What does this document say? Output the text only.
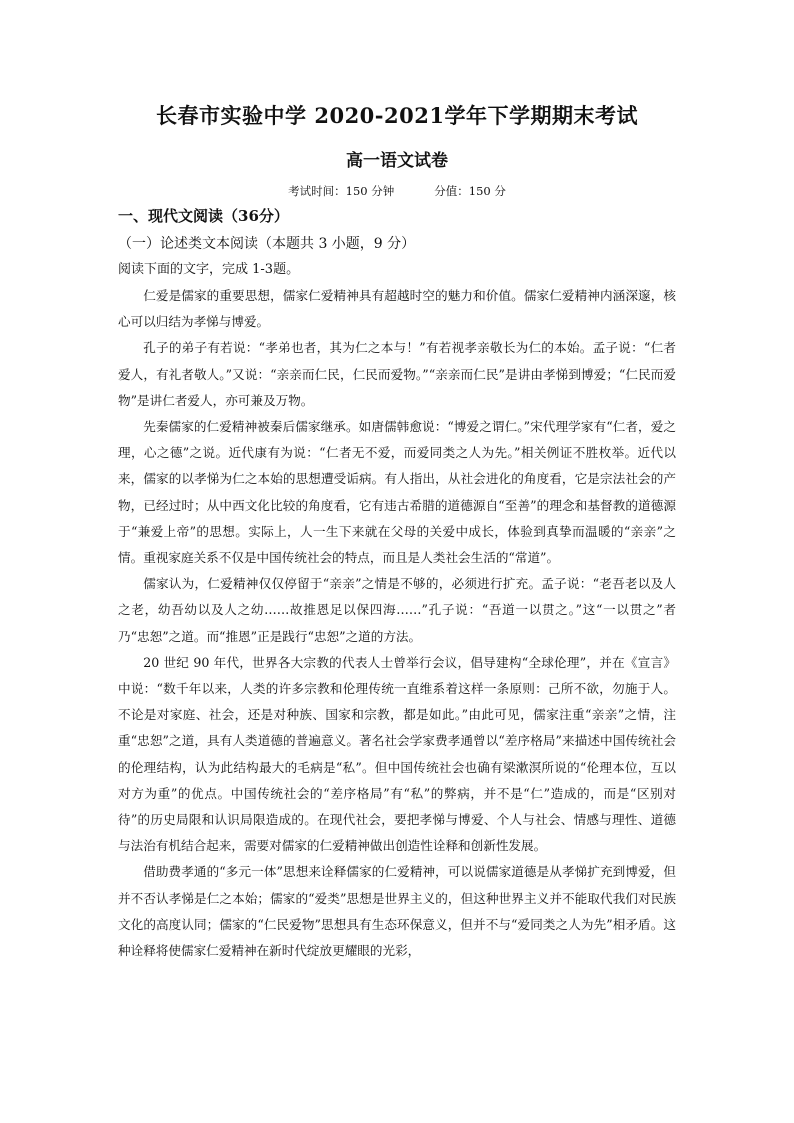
长春市实验中学 2020-2021学年下学期期末考试
高一语文试卷
考试时间：150 分钟	分值：150 分
一、现代文阅读（36分）
（一）论述类文本阅读（本题共 3 小题，9 分）
阅读下面的文字，完成 1-3题。

仁爱是儒家的重要思想，儒家仁爱精神具有超越时空的魅力和价值。儒家仁爱精神内涵深邃，核心可以归结为孝悌与博爱。

孔子的弟子有若说：“孝弟也者，其为仁之本与！”有若视孝亲敬长为仁的本始。孟子说：“仁者爱人，有礼者敬人。”又说：“亲亲而仁民，仁民而爱物。”“亲亲而仁民”是讲由孝悌到博爱；“仁民而爱物”是讲仁者爱人，亦可兼及万物。

先秦儒家的仁爱精神被秦后儒家继承。如唐儒韩愈说：“博爱之谓仁。”宋代理学家有“仁者，爱之理，心之德”之说。近代康有为说：“仁者无不爱，而爱同类之人为先。”相关例证不胜枚举。近代以来，儒家的以孝悌为仁之本始的思想遭受诟病。有人指出，从社会进化的角度看，它是宗法社会的产物，已经过时；从中西文化比较的角度看，它有违古希腊的道德源自“至善”的理念和基督教的道德源于“兼爱上帝”的思想。实际上，人一生下来就在父母的关爱中成长，体验到真挚而温暖的“亲亲”之情。重视家庭关系不仅是中国传统社会的特点，而且是人类社会生活的“常道”。

儒家认为，仁爱精神仅仅停留于“亲亲”之情是不够的，必须进行扩充。孟子说：“老吾老以及人之老，幼吾幼以及人之幼……故推恩足以保四海……”孔子说：“吾道一以贯之。”这“一以贯之”者乃“忠恕”之道。而“推恩”正是践行“忠恕”之道的方法。

20 世纪 90 年代，世界各大宗教的代表人士曾举行会议，倡导建构“全球伦理”，并在《宣言》中说：“数千年以来，人类的许多宗教和伦理传统一直维系着这样一条原则：己所不欲，勿施于人。不论是对家庭、社会，还是对种族、国家和宗教，都是如此。”由此可见，儒家注重“亲亲”之情，注重“忠恕”之道，具有人类道德的普遍意义。著名社会学家费孝通曾以“差序格局”来描述中国传统社会的伦理结构，认为此结构最大的毛病是“私”。但中国传统社会也确有梁漱溟所说的“伦理本位，互以对方为重”的优点。中国传统社会的“差序格局”有“私”的弊病，并不是“仁”造成的，而是“区别对待”的历史局限和认识局限造成的。在现代社会，要把孝悌与博爱、个人与社会、情感与理性、道德与法治有机结合起来，需要对儒家的仁爱精神做出创造性诠释和创新性发展。

借助费孝通的“多元一体”思想来诠释儒家的仁爱精神，可以说儒家道德是从孝悌扩充到博爱，但并不否认孝悌是仁之本始；儒家的“爱类”思想是世界主义的，但这种世界主义并不能取代我们对民族文化的高度认同；儒家的“仁民爱物”思想具有生态环保意义，但并不与“爱同类之人为先”相矛盾。这种诠释将使儒家仁爱精神在新时代绽放更耀眼的光彩，
